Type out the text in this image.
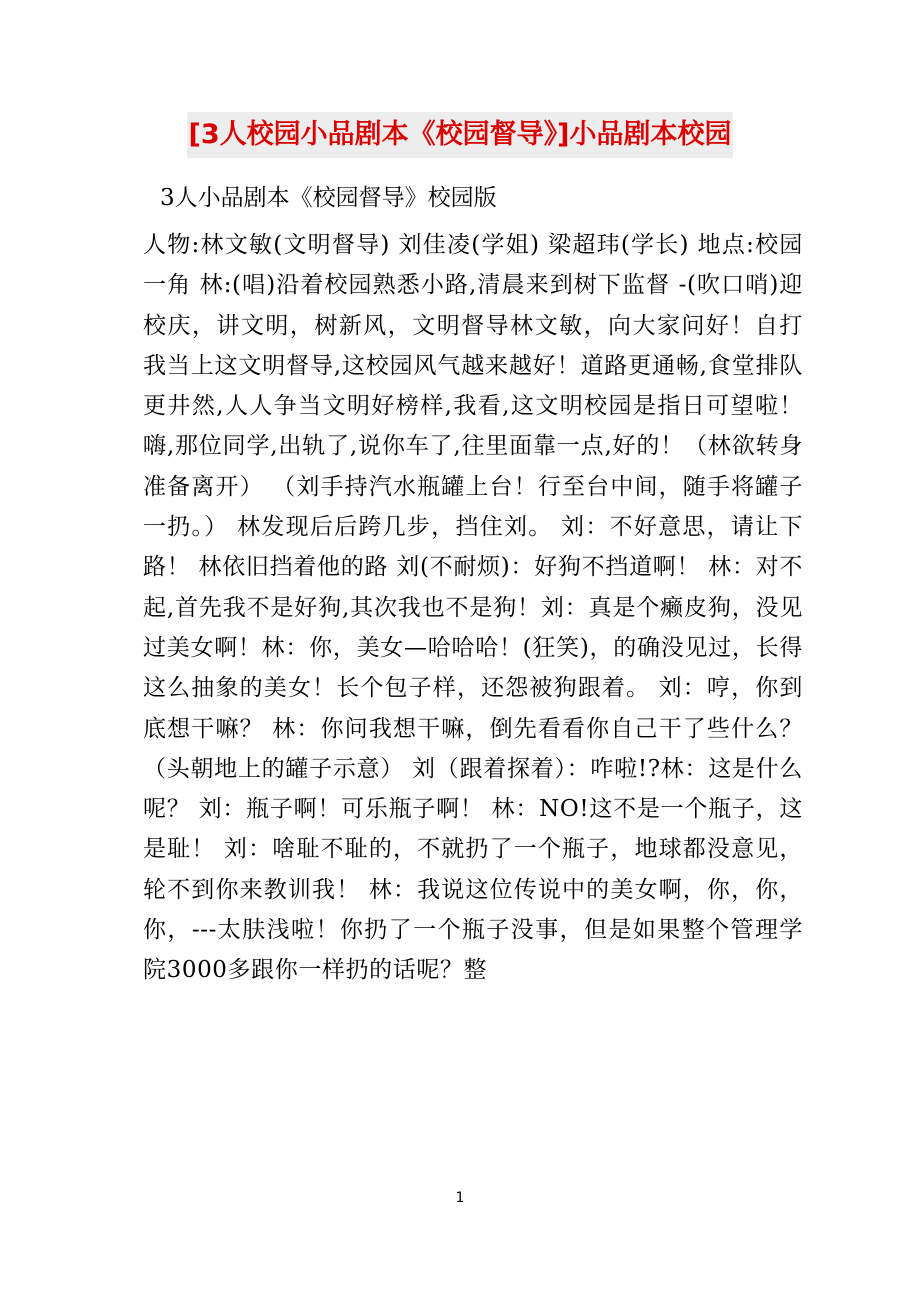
[3人校园小品剧本《校园督导》]小品剧本校园
3人小品剧本《校园督导》校园版

人物:林文敏(文明督导) 刘佳凌(学姐) 梁超玮(学长) 地点:校园一角 林:(唱)沿着校园熟悉小路,清晨来到树下监督 -(吹口哨)迎校庆，讲文明，树新风，文明督导林文敏，向大家问好！自打我当上这文明督导,这校园风气越来越好！道路更通畅,食堂排队更井然,人人争当文明好榜样,我看,这文明校园是指日可望啦！嗨,那位同学,出轨了,说你车了,往里面靠一点,好的！（林欲转身准备离开） （刘手持汽水瓶罐上台！行至台中间，随手将罐子一扔。） 林发现后后跨几步，挡住刘。 刘：不好意思，请让下路！ 林依旧挡着他的路 刘(不耐烦)：好狗不挡道啊！ 林：对不起,首先我不是好狗,其次我也不是狗！刘：真是个癞皮狗，没见过美女啊！林：你，美女—哈哈哈！(狂笑)，的确没见过，长得这么抽象的美女！长个包子样，还怨被狗跟着。 刘：哼，你到底想干嘛？ 林：你问我想干嘛，倒先看看你自己干了些什么？（头朝地上的罐子示意） 刘（跟着探着）：咋啦!?林：这是什么呢？ 刘：瓶子啊！可乐瓶子啊！ 林：NO!这不是一个瓶子，这是耻！ 刘：啥耻不耻的，不就扔了一个瓶子，地球都没意见，轮不到你来教训我！ 林：我说这位传说中的美女啊，你，你，你，---太肤浅啦！你扔了一个瓶子没事，但是如果整个管理学院3000多跟你一样扔的话呢？整

1
